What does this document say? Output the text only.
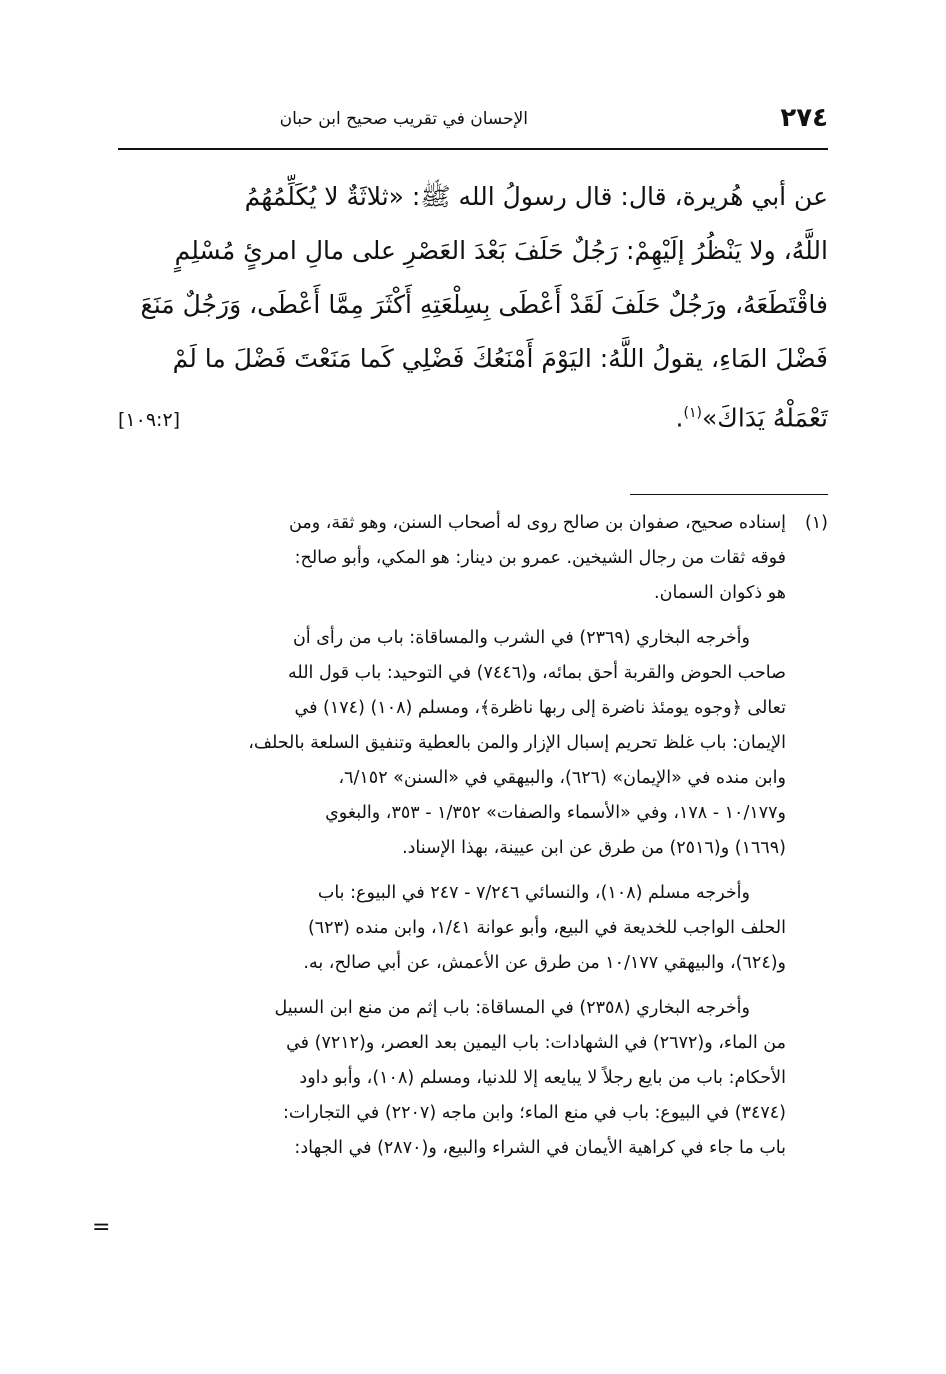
٢٧٤
الإحسان في تقريب صحيح ابن حبان
عن أبي هُريرة، قال: قال رسولُ الله ﷺ: «ثلاثَةٌ لا يُكَلِّمُهُمُ
اللَّهُ، ولا يَنْظُرُ إلَيْهِمْ: رَجُلٌ حَلَفَ بَعْدَ العَصْرِ على مالِ امرئٍ مُسْلِمٍ
فاقْتَطَعَهُ، ورَجُلٌ حَلَفَ لَقَدْ أَعْطَى بِسِلْعَتِهِ أَكْثَرَ مِمَّا أَعْطَى، وَرَجُلٌ مَنَعَ
فَضْلَ المَاءِ، يقولُ اللَّهُ: اليَوْمَ أَمْنَعُكَ فَضْلِي كَما مَنَعْتَ فَضْلَ ما لَمْ
تَعْمَلْهُ يَدَاكَ»$^{(١)}$.
[١٠٩:٢]
(١)
إسناده صحيح، صفوان بن صالح روى له أصحاب السنن، وهو ثقة، ومن
فوقه ثقات من رجال الشيخين. عمرو بن دينار: هو المكي، وأبو صالح:
هو ذكوان السمان.
وأخرجه البخاري (٢٣٦٩) في الشرب والمساقاة: باب من رأى أن
صاحب الحوض والقربة أحق بمائه، و(٧٤٤٦) في التوحيد: باب قول الله
تعالى ﴿وجوه يومئذ ناضرة إلى ربها ناظرة﴾، ومسلم (١٠٨) (١٧٤) في
الإيمان: باب غلظ تحريم إسبال الإزار والمن بالعطية وتنفيق السلعة بالحلف،
وابن منده في «الإيمان» (٦٢٦)، والبيهقي في «السنن» ٦/١٥٢،
و١٠/١٧٧ - ١٧٨، وفي «الأسماء والصفات» ١/٣٥٢ - ٣٥٣، والبغوي
(١٦٦٩) و(٢٥١٦) من طرق عن ابن عيينة، بهذا الإسناد.
وأخرجه مسلم (١٠٨)، والنسائي ٧/٢٤٦ - ٢٤٧ في البيوع: باب
الحلف الواجب للخديعة في البيع، وأبو عوانة ١/٤١، وابن منده (٦٢٣)
و(٦٢٤)، والبيهقي ١٠/١٧٧ من طرق عن الأعمش، عن أبي صالح، به.
وأخرجه البخاري (٢٣٥٨) في المساقاة: باب إثم من منع ابن السبيل
من الماء، و(٢٦٧٢) في الشهادات: باب اليمين بعد العصر، و(٧٢١٢) في
الأحكام: باب من بايع رجلاً لا يبايعه إلا للدنيا، ومسلم (١٠٨)، وأبو داود
(٣٤٧٤) في البيوع: باب في منع الماء؛ وابن ماجه (٢٢٠٧) في التجارات:
باب ما جاء في كراهية الأيمان في الشراء والبيع، و(٢٨٧٠) في الجهاد:
=
